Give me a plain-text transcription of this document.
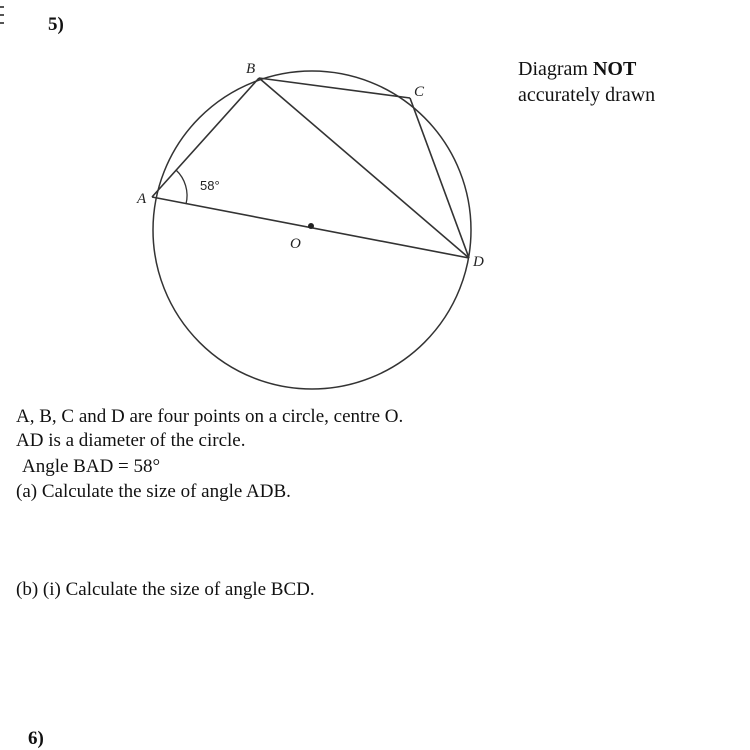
5)
Diagram NOT
accurately drawn
A
B
C
D
O
58°
A, B, C and D are four points on a circle, centre O.
AD is a diameter of the circle.
Angle BAD = 58°
(a) Calculate the size of angle ADB.
(b) (i) Calculate the size of angle BCD.
6)
